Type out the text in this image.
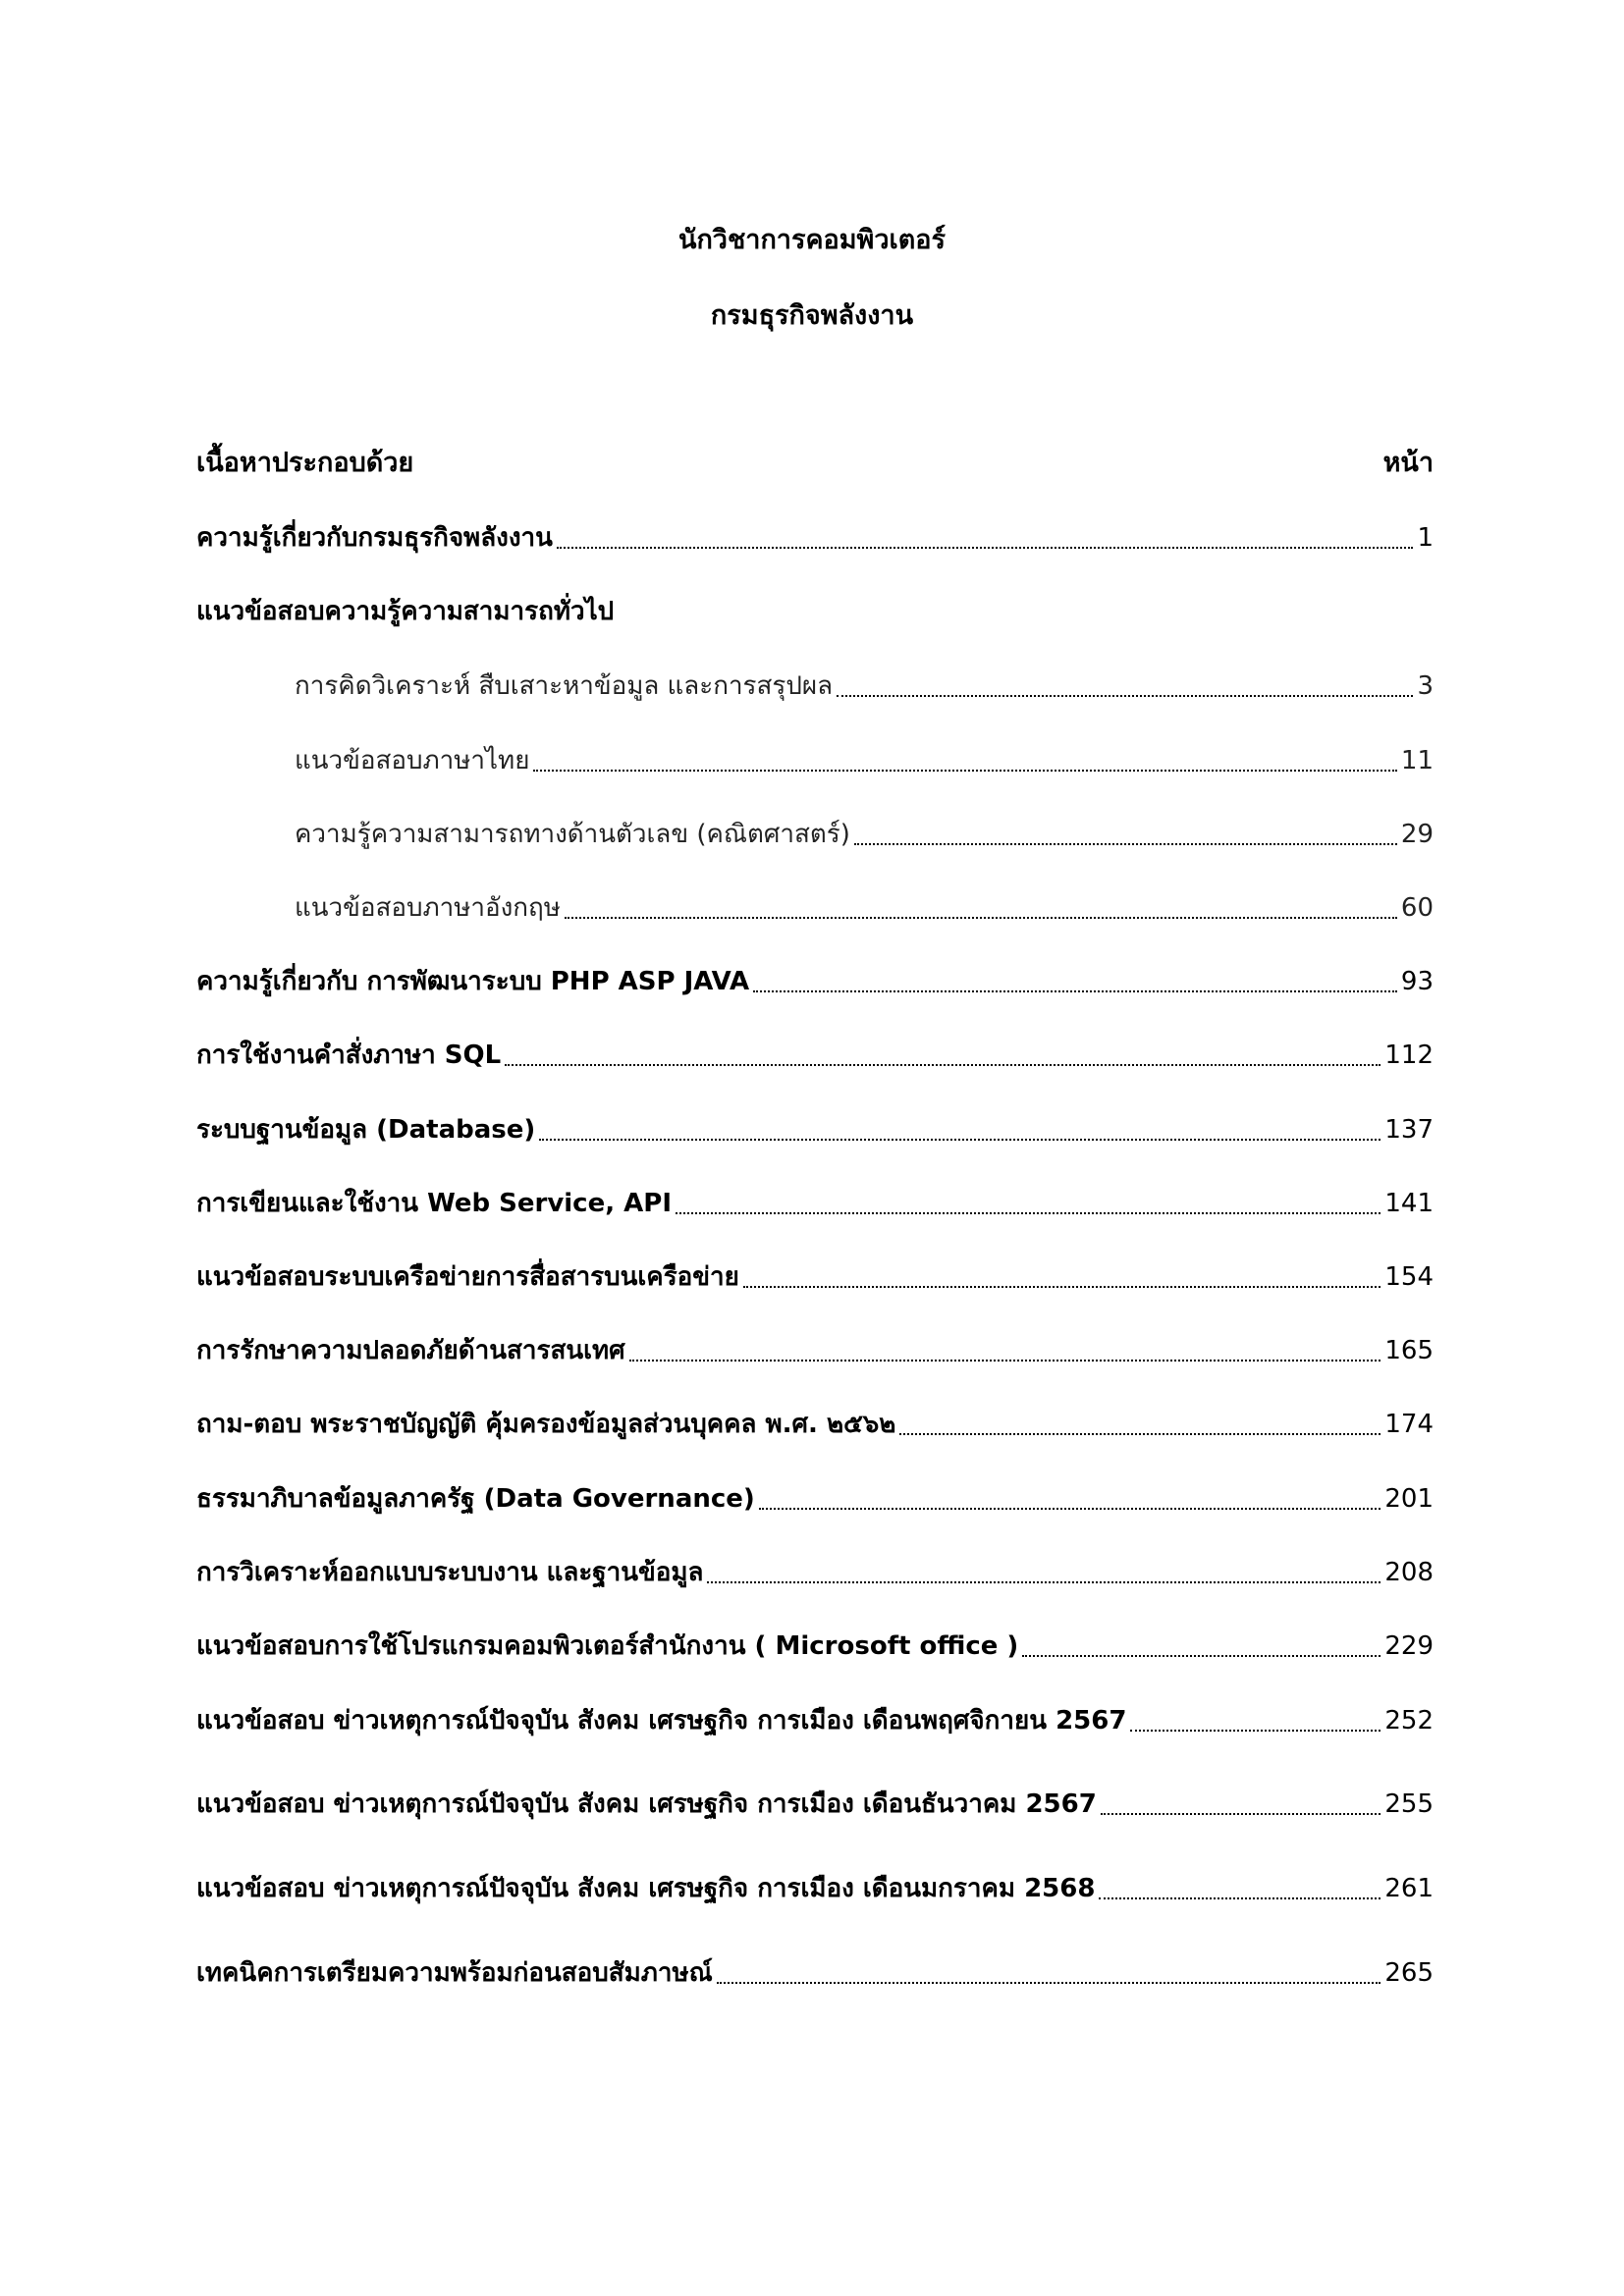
นักวิชาการคอมพิวเตอร์
กรมธุรกิจพลังงาน
เนื้อหาประกอบด้วย	หน้า
ความรู้เกี่ยวกับกรมธุรกิจพลังงาน	1
แนวข้อสอบความรู้ความสามารถทั่วไป
การคิดวิเคราะห์ สืบเสาะหาข้อมูล และการสรุปผล	3
แนวข้อสอบภาษาไทย	11
ความรู้ความสามารถทางด้านตัวเลข (คณิตศาสตร์)	29
แนวข้อสอบภาษาอังกฤษ	60
ความรู้เกี่ยวกับ การพัฒนาระบบ PHP ASP JAVA	93
การใช้งานคำสั่งภาษา SQL	112
ระบบฐานข้อมูล (Database)	137
การเขียนและใช้งาน Web Service, API	141
แนวข้อสอบระบบเครือข่ายการสื่อสารบนเครือข่าย	154
การรักษาความปลอดภัยด้านสารสนเทศ	165
ถาม-ตอบ พระราชบัญญัติ คุ้มครองข้อมูลส่วนบุคคล พ.ศ. ๒๕๖๒	174
ธรรมาภิบาลข้อมูลภาครัฐ (Data Governance)	201
การวิเคราะห์ออกแบบระบบงาน และฐานข้อมูล	208
แนวข้อสอบการใช้โปรแกรมคอมพิวเตอร์สำนักงาน ( Microsoft office )	229
แนวข้อสอบ ข่าวเหตุการณ์ปัจจุบัน สังคม เศรษฐกิจ การเมือง เดือนพฤศจิกายน 2567	252
แนวข้อสอบ ข่าวเหตุการณ์ปัจจุบัน สังคม เศรษฐกิจ การเมือง เดือนธันวาคม 2567	255
แนวข้อสอบ ข่าวเหตุการณ์ปัจจุบัน สังคม เศรษฐกิจ การเมือง เดือนมกราคม 2568	261
เทคนิคการเตรียมความพร้อมก่อนสอบสัมภาษณ์	265
